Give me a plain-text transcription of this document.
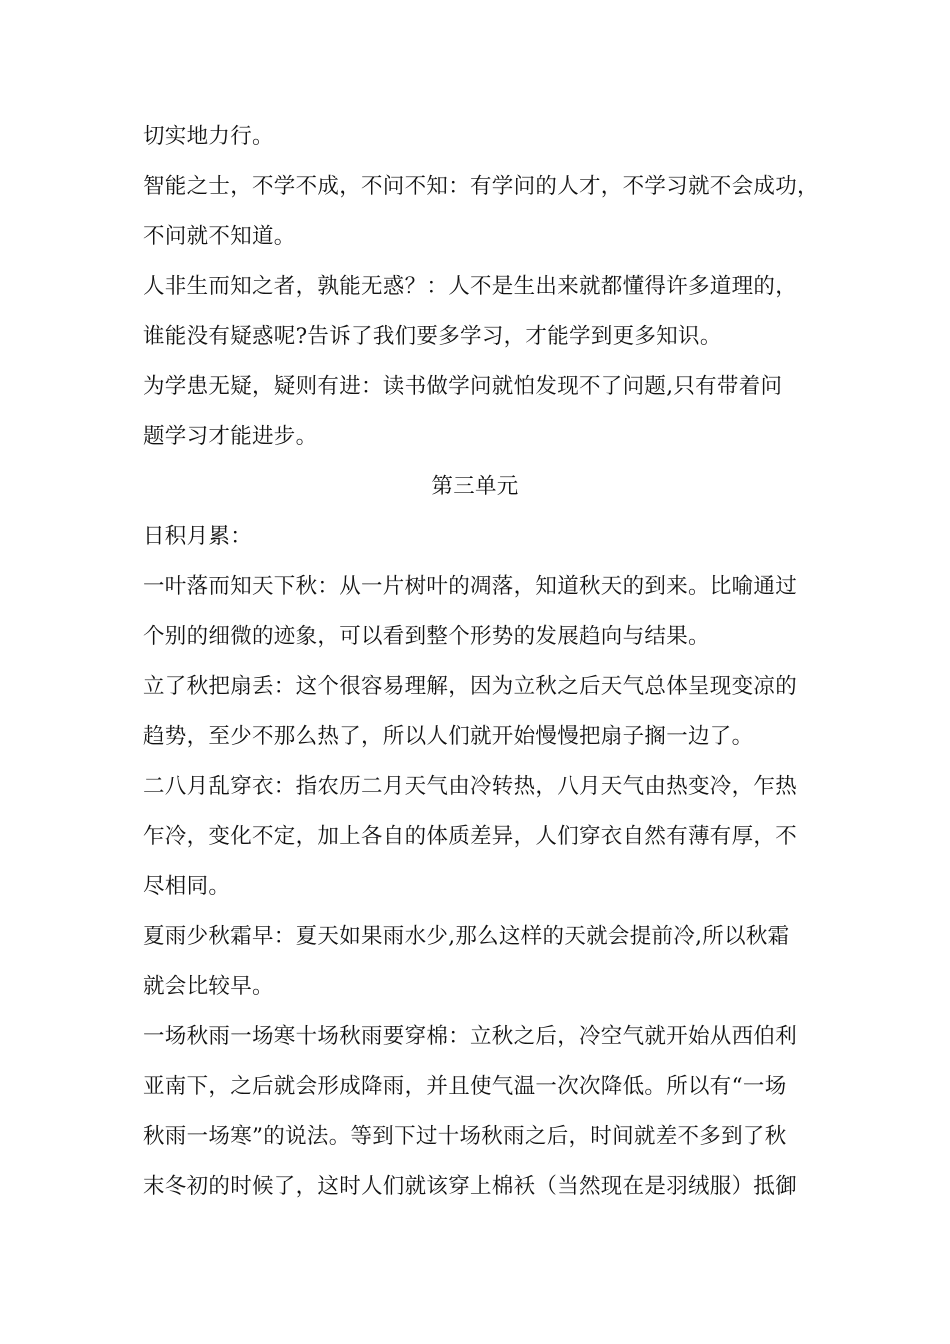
切实地力行。
智能之士，不学不成，不问不知：有学问的人才，不学习就不会成功，
不问就不知道。
人非生而知之者，孰能无惑？：人不是生出来就都懂得许多道理的，
谁能没有疑惑呢?告诉了我们要多学习，才能学到更多知识。
为学患无疑，疑则有进：读书做学问就怕发现不了问题,只有带着问
题学习才能进步。
第三单元
日积月累：
一叶落而知天下秋：从一片树叶的凋落，知道秋天的到来。比喻通过
个别的细微的迹象，可以看到整个形势的发展趋向与结果。
立了秋把扇丢：这个很容易理解，因为立秋之后天气总体呈现变凉的
趋势，至少不那么热了，所以人们就开始慢慢把扇子搁一边了。
二八月乱穿衣：指农历二月天气由冷转热，八月天气由热变冷，乍热
乍冷，变化不定，加上各自的体质差异，人们穿衣自然有薄有厚，不
尽相同。
夏雨少秋霜早：夏天如果雨水少,那么这样的天就会提前冷,所以秋霜
就会比较早。
一场秋雨一场寒十场秋雨要穿棉：立秋之后，冷空气就开始从西伯利
亚南下，之后就会形成降雨，并且使气温一次次降低。所以有“一场
秋雨一场寒”的说法。等到下过十场秋雨之后，时间就差不多到了秋
末冬初的时候了，这时人们就该穿上棉袄（当然现在是羽绒服）抵御
